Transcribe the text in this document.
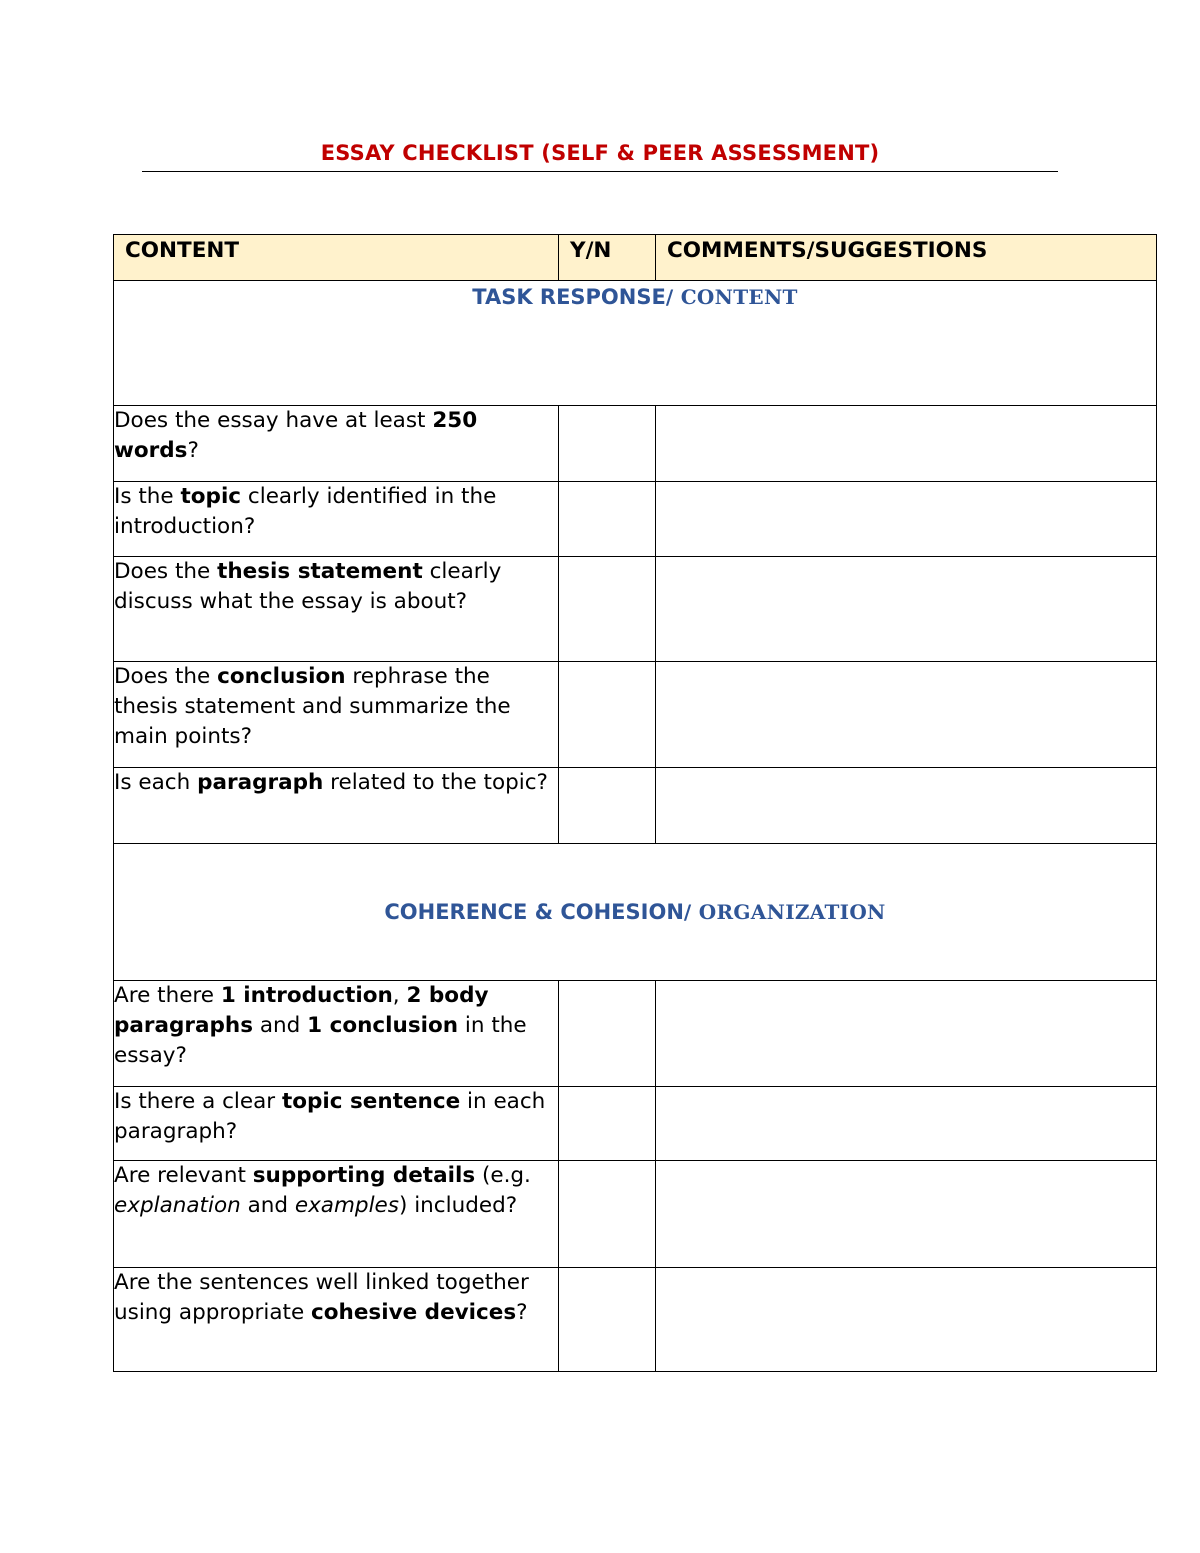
ESSAY CHECKLIST (SELF & PEER ASSESSMENT)
CONTENT	Y/N	COMMENTS/SUGGESTIONS
TASK RESPONSE/ CONTENT		

Does the essay have at least 250 words?		

Is the topic clearly identified in the introduction?		

Does the thesis statement clearly discuss what the essay is about?		

Does the conclusion rephrase the thesis statement and summarize the main points?		

Is each paragraph related to the topic?		

COHERENCE & COHESION/ ORGANIZATION		

Are there 1 introduction, 2 body paragraphs and 1 conclusion in the essay?		

Is there a clear topic sentence in each paragraph?		

Are relevant supporting details (e.g. explanation and examples) included?		

Are the sentences well linked together using appropriate cohesive devices?		
